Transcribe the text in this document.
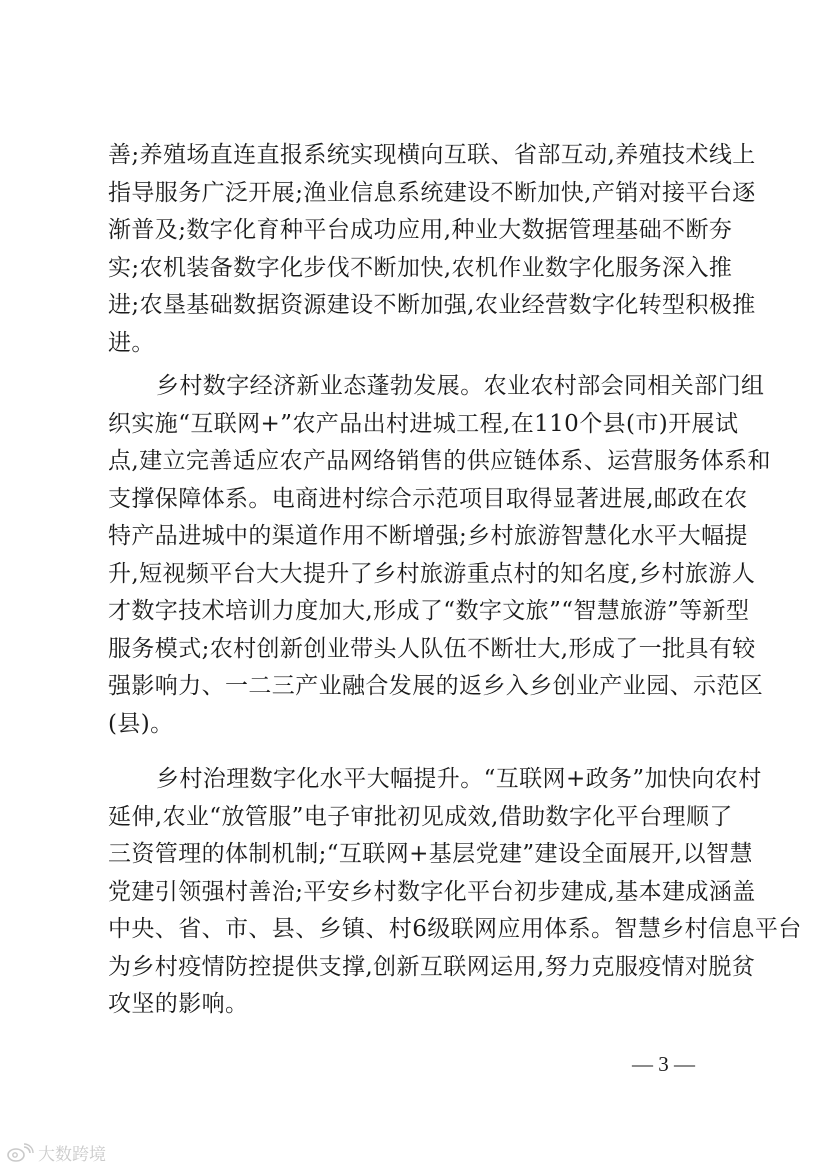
善;养殖场直连直报系统实现横向互联、省部互动,养殖技术线上
指导服务广泛开展;渔业信息系统建设不断加快,产销对接平台逐
渐普及;数字化育种平台成功应用,种业大数据管理基础不断夯
实;农机装备数字化步伐不断加快,农机作业数字化服务深入推
进;农垦基础数据资源建设不断加强,农业经营数字化转型积极推
进。
乡村数字经济新业态蓬勃发展。农业农村部会同相关部门组
织实施“互联网+”农产品出村进城工程,在110个县(市)开展试
点,建立完善适应农产品网络销售的供应链体系、运营服务体系和
支撑保障体系。电商进村综合示范项目取得显著进展,邮政在农
特产品进城中的渠道作用不断增强;乡村旅游智慧化水平大幅提
升,短视频平台大大提升了乡村旅游重点村的知名度,乡村旅游人
才数字技术培训力度加大,形成了“数字文旅”“智慧旅游”等新型
服务模式;农村创新创业带头人队伍不断壮大,形成了一批具有较
强影响力、一二三产业融合发展的返乡入乡创业产业园、示范区
(县)。
乡村治理数字化水平大幅提升。“互联网+政务”加快向农村
延伸,农业“放管服”电子审批初见成效,借助数字化平台理顺了
三资管理的体制机制;“互联网+基层党建”建设全面展开,以智慧
党建引领强村善治;平安乡村数字化平台初步建成,基本建成涵盖
中央、省、市、县、乡镇、村6级联网应用体系。智慧乡村信息平台
为乡村疫情防控提供支撑,创新互联网运用,努力克服疫情对脱贫
攻坚的影响。
— 3 —
大数跨境
